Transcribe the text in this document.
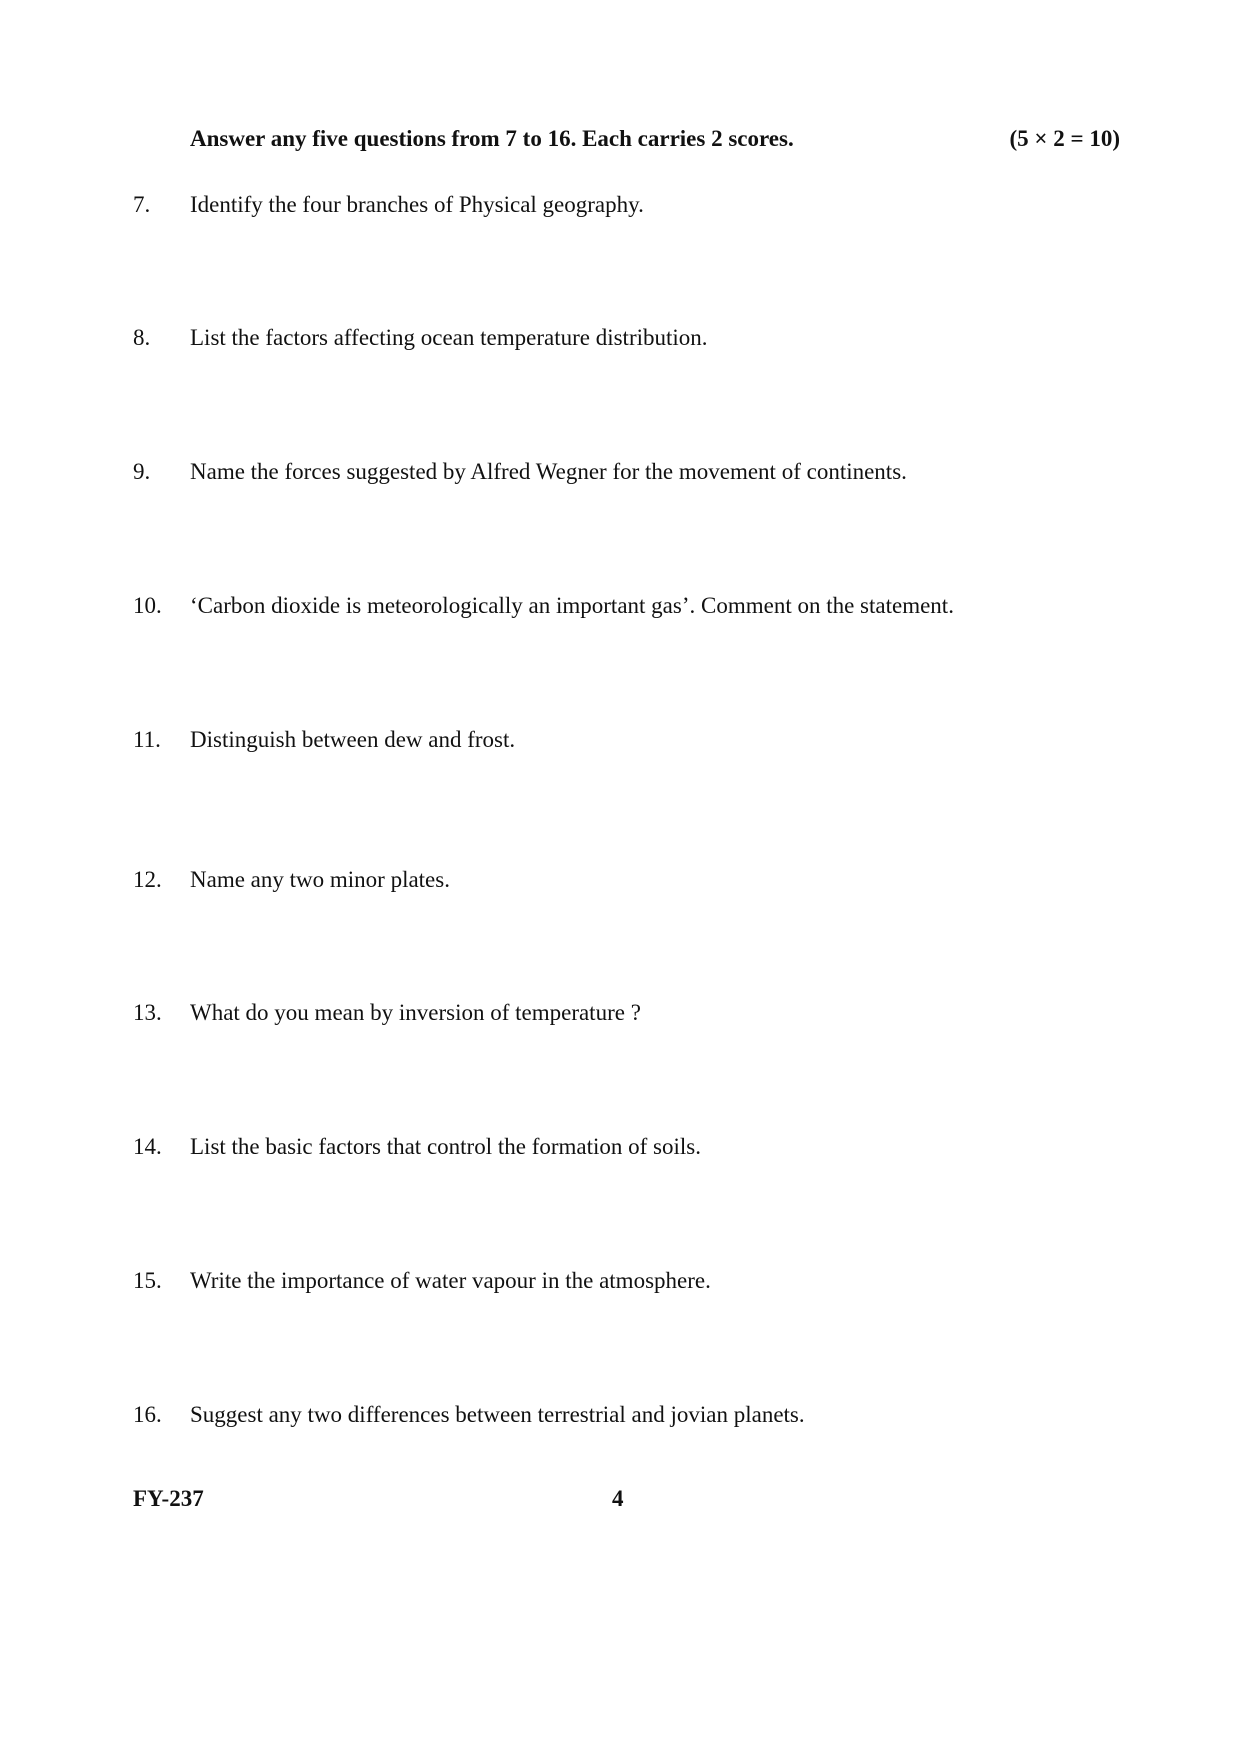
Answer any five questions from 7 to 16. Each carries 2 scores.	(5 × 2 = 10)
7. Identify the four branches of Physical geography.
8. List the factors affecting ocean temperature distribution.
9. Name the forces suggested by Alfred Wegner for the movement of continents.
10. ‘Carbon dioxide is meteorologically an important gas’. Comment on the statement.
11. Distinguish between dew and frost.
12. Name any two minor plates.
13. What do you mean by inversion of temperature ?
14. List the basic factors that control the formation of soils.
15. Write the importance of water vapour in the atmosphere.
16. Suggest any two differences between terrestrial and jovian planets.
FY-237	4
